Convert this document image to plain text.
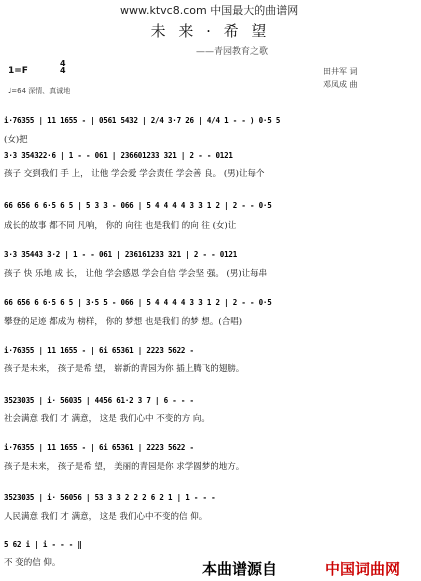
www.ktvc8.com 中国最大的曲谱网
未 来 · 希 望
——青园教育之歌
1=F
4
4
♩=64 深情、真诚地
田井军 词
邓凤成 曲
i·76355 | 11 1655 - | 0561 5432 | 2/4 3·7 26 | 4/4 1 - - ) 0·5 5
(女)把
3·3 354322·6 | 1 - - 061 | 236601233 321 | 2 - - 0121
孩子 交到我们 手 上， 让他 学会爱 学会责任 学会善 良。 (男)让每个
66 656 6 6·5 6 5 | 5 3 3 - 066 | 5 4 4 4 4 3 3 1 2 | 2 - - 0·5
成长的故事 都不同 凡响， 你的 向往 也是我们 的向 往 (女)让
3·3 35443 3·2 | 1 - - 061 | 236161233 321 | 2 - - 0121
孩子 快 乐地 成 长， 让他 学会感恩 学会自信 学会坚 强。 (男)让每串
66 656 6 6·5 6 5 | 3·5 5 - 066 | 5 4 4 4 4 3 3 1 2 | 2 - - 0·5
攀登的足迹 都成为 榜样， 你的 梦想 也是我们 的梦 想。(合唱)
i·76355 | 11 1655 - | 6i 65361 | 2223 5622 -
孩子是未来， 孩子是希 望， 崭新的青园为你 插上腾飞的翅膀。
3523035 | i· 56035 | 4456 61·2 3 7 | 6 - - -
社会满意 我们 才 满意， 这是 我们心中 不变的方 向。
i·76355 | 11 1655 - | 6i 65361 | 2223 5622 -
孩子是未来， 孩子是希 望， 美丽的青园是你 求学圆梦的地方。
3523035 | i· 56056 | 53 3 3 2 2 2 6 2 1 | 1 - - -
人民满意 我们 才 满意， 这是 我们心中不变的信 仰。
5 62 i | i - - - ‖
不 变的信 仰。	本曲谱源自	中国词曲网
